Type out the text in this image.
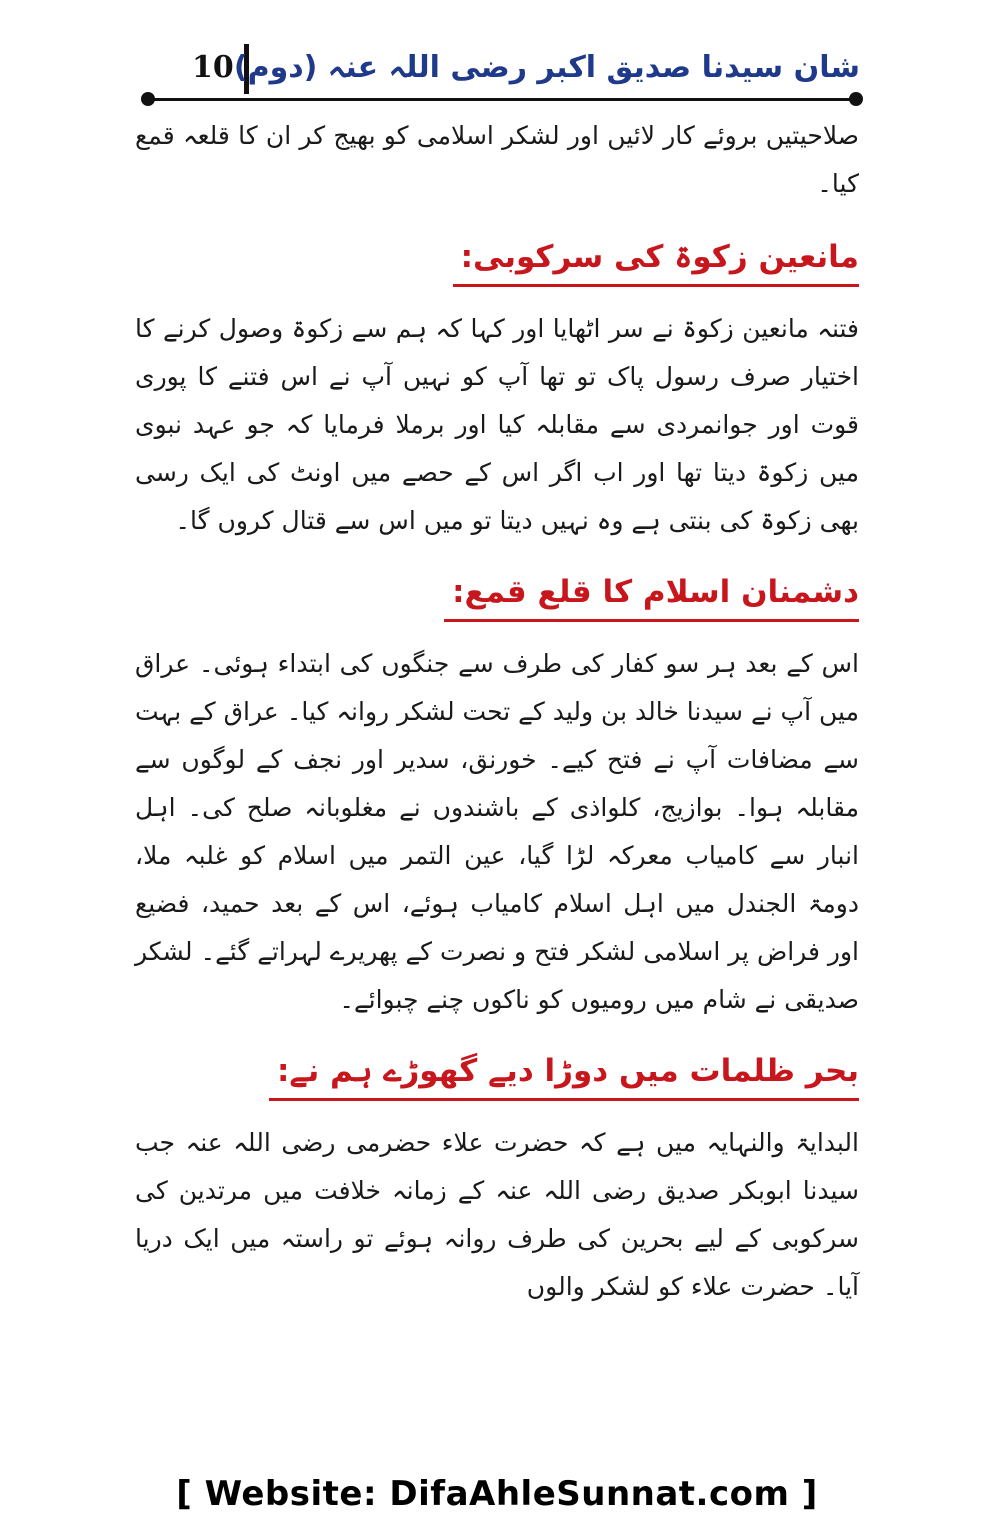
10 شان سیدنا صدیق اکبر رضی اللہ عنہ (دوم)

صلاحیتیں بروئے کار لائیں اور لشکر اسلامی کو بھیج کر ان کا قلعہ قمع کیا۔

مانعین زکوۃ کی سرکوبی:

فتنہ مانعین زکوۃ نے سر اٹھایا اور کہا کہ ہم سے زکوۃ وصول کرنے کا اختیار صرف رسول پاک تو تھا آپ کو نہیں آپ نے اس فتنے کا پوری قوت اور جوانمردی سے مقابلہ کیا اور برملا فرمایا کہ جو عہد نبوی میں زکوۃ دیتا تھا اور اب اگر اس کے حصے میں اونٹ کی ایک رسی بھی زکوۃ کی بنتی ہے وہ نہیں دیتا تو میں اس سے قتال کروں گا۔

دشمنان اسلام کا قلع قمع:

اس کے بعد ہر سو کفار کی طرف سے جنگوں کی ابتداء ہوئی۔ عراق میں آپ نے سیدنا خالد بن ولید کے تحت لشکر روانہ کیا۔ عراق کے بہت سے مضافات آپ نے فتح کیے۔ خورنق، سدیر اور نجف کے لوگوں سے مقابلہ ہوا۔ بوازیج، کلواذی کے باشندوں نے مغلوبانہ صلح کی۔ اہل انبار سے کامیاب معرکہ لڑا گیا، عین التمر میں اسلام کو غلبہ ملا، دومۃ الجندل میں اہل اسلام کامیاب ہوئے، اس کے بعد حمید، فضیع اور فراض پر اسلامی لشکر فتح و نصرت کے پھریرے لہراتے گئے۔ لشکر صدیقی نے شام میں رومیوں کو ناکوں چنے چبوائے۔

بحر ظلمات میں دوڑا دیے گھوڑے ہم نے:

البدایۃ والنہایہ میں ہے کہ حضرت علاء حضرمی رضی اللہ عنہ جب سیدنا ابوبکر صدیق رضی اللہ عنہ کے زمانہ خلافت میں مرتدین کی سرکوبی کے لیے بحرین کی طرف روانہ ہوئے تو راستہ میں ایک دریا آیا۔ حضرت علاء کو لشکر والوں

[ Website: DifaAhleSunnat.com ]
